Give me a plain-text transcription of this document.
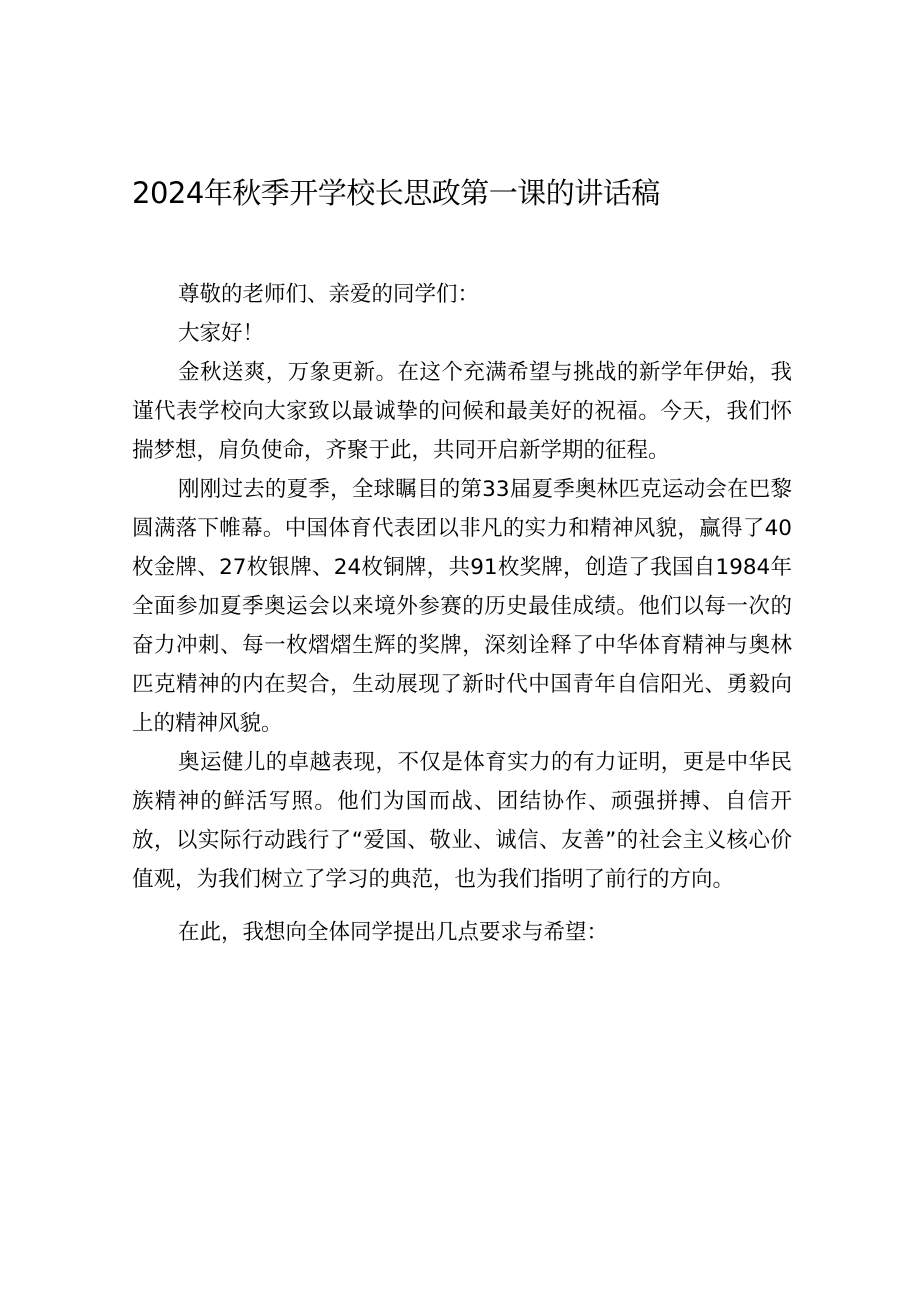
2024年秋季开学校长思政第一课的讲话稿

尊敬的老师们、亲爱的同学们：

大家好！

金秋送爽，万象更新。在这个充满希望与挑战的新学年伊始，我谨代表学校向大家致以最诚挚的问候和最美好的祝福。今天，我们怀揣梦想，肩负使命，齐聚于此，共同开启新学期的征程。

刚刚过去的夏季，全球瞩目的第33届夏季奥林匹克运动会在巴黎圆满落下帷幕。中国体育代表团以非凡的实力和精神风貌，赢得了40枚金牌、27枚银牌、24枚铜牌，共91枚奖牌，创造了我国自1984年全面参加夏季奥运会以来境外参赛的历史最佳成绩。他们以每一次的奋力冲刺、每一枚熠熠生辉的奖牌，深刻诠释了中华体育精神与奥林匹克精神的内在契合，生动展现了新时代中国青年自信阳光、勇毅向上的精神风貌。

奥运健儿的卓越表现，不仅是体育实力的有力证明，更是中华民族精神的鲜活写照。他们为国而战、团结协作、顽强拼搏、自信开放，以实际行动践行了“爱国、敬业、诚信、友善”的社会主义核心价值观，为我们树立了学习的典范，也为我们指明了前行的方向。

在此，我想向全体同学提出几点要求与希望：
